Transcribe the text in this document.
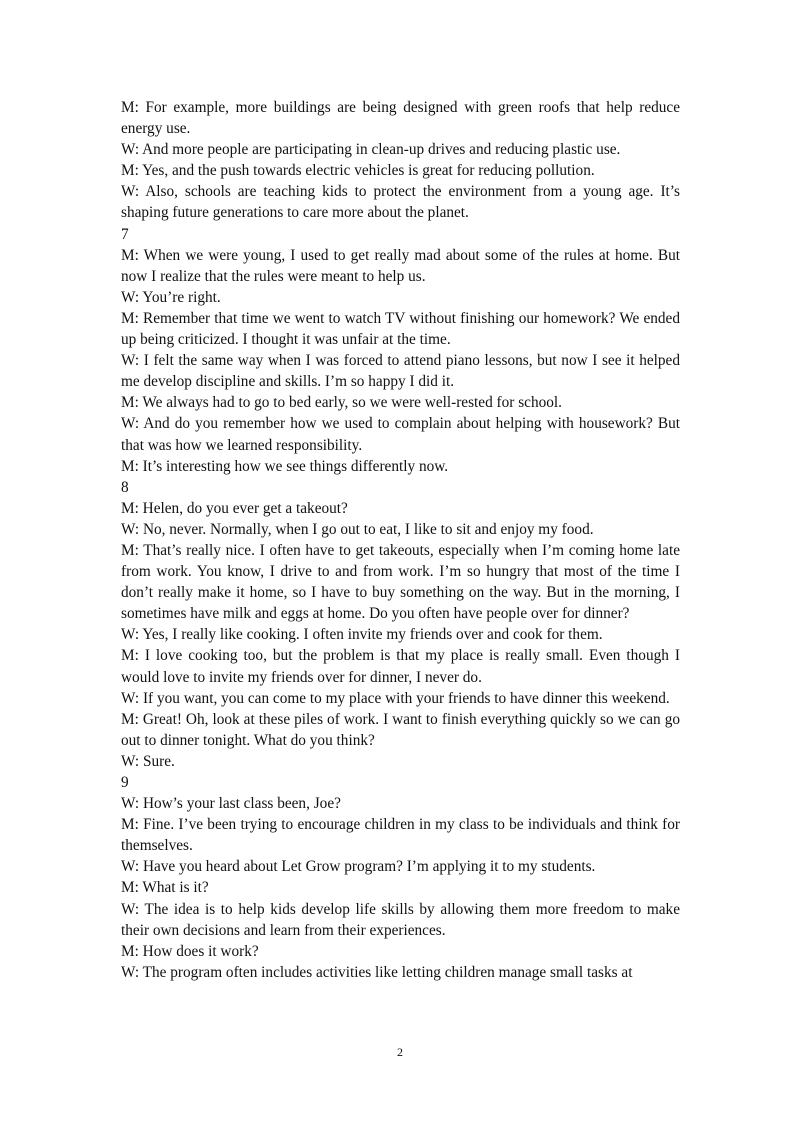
M: For example, more buildings are being designed with green roofs that help reduce energy use.

W: And more people are participating in clean-up drives and reducing plastic use.

M: Yes, and the push towards electric vehicles is great for reducing pollution.

W: Also, schools are teaching kids to protect the environment from a young age. It’s shaping future generations to care more about the planet.

7

M: When we were young, I used to get really mad about some of the rules at home. But now I realize that the rules were meant to help us.

W: You’re right.

M: Remember that time we went to watch TV without finishing our homework? We ended up being criticized. I thought it was unfair at the time.

W: I felt the same way when I was forced to attend piano lessons, but now I see it helped me develop discipline and skills. I’m so happy I did it.

M: We always had to go to bed early, so we were well-rested for school.

W: And do you remember how we used to complain about helping with housework? But that was how we learned responsibility.

M: It’s interesting how we see things differently now.

8

M: Helen, do you ever get a takeout?

W: No, never. Normally, when I go out to eat, I like to sit and enjoy my food.

M: That’s really nice. I often have to get takeouts, especially when I’m coming home late from work. You know, I drive to and from work. I’m so hungry that most of the time I don’t really make it home, so I have to buy something on the way. But in the morning, I sometimes have milk and eggs at home. Do you often have people over for dinner?

W: Yes, I really like cooking. I often invite my friends over and cook for them.

M: I love cooking too, but the problem is that my place is really small. Even though I would love to invite my friends over for dinner, I never do.

W: If you want, you can come to my place with your friends to have dinner this weekend.

M: Great! Oh, look at these piles of work. I want to finish everything quickly so we can go out to dinner tonight. What do you think?

W: Sure.

9

W: How’s your last class been, Joe?

M: Fine. I’ve been trying to encourage children in my class to be individuals and think for themselves.

W: Have you heard about Let Grow program? I’m applying it to my students.

M: What is it?

W: The idea is to help kids develop life skills by allowing them more freedom to make their own decisions and learn from their experiences.

M: How does it work?

W: The program often includes activities like letting children manage small tasks at

2
